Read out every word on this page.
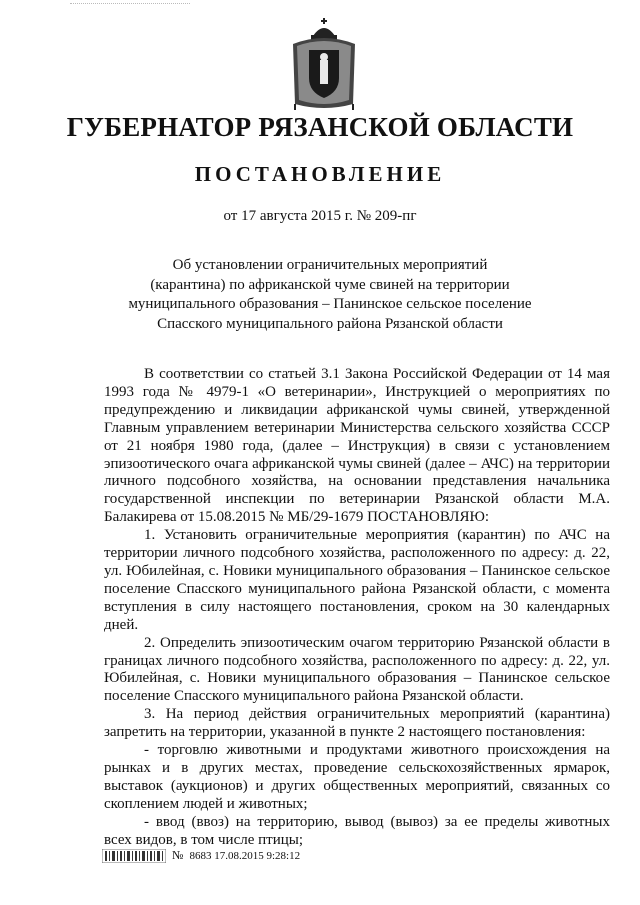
ГУБЕРНАТОР РЯЗАНСКОЙ ОБЛАСТИ
ПОСТАНОВЛЕНИЕ
от 17 августа 2015 г. № 209-пг
Об установлении ограничительных мероприятий
(карантина) по африканской чуме свиней на территории
муниципального образования – Панинское сельское поселение
Спасского муниципального района Рязанской области

В соответствии со статьей 3.1 Закона Российской Федерации от 14 мая 1993 года № 4979-1 «О ветеринарии», Инструкцией о мероприятиях по предупреждению и ликвидации африканской чумы свиней, утвержденной Главным управлением ветеринарии Министерства сельского хозяйства СССР от 21 ноября 1980 года, (далее – Инструкция) в связи с установлением эпизоотического очага африканской чумы свиней (далее – АЧС) на территории личного подсобного хозяйства, на основании представления начальника государственной инспекции по ветеринарии Рязанской области М.А. Балакирева от 15.08.2015 № МБ/29-1679 ПОСТАНОВЛЯЮ:

1. Установить ограничительные мероприятия (карантин) по АЧС на территории личного подсобного хозяйства, расположенного по адресу: д. 22, ул. Юбилейная, с. Новики муниципального образования – Панинское сельское поселение Спасского муниципального района Рязанской области, с момента вступления в силу настоящего постановления, сроком на 30 календарных дней.

2. Определить эпизоотическим очагом территорию Рязанской области в границах личного подсобного хозяйства, расположенного по адресу: д. 22, ул. Юбилейная, с. Новики муниципального образования – Панинское сельское поселение Спасского муниципального района Рязанской области.

3. На период действия ограничительных мероприятий (карантина) запретить на территории, указанной в пункте 2 настоящего постановления:

- торговлю животными и продуктами животного происхождения на рынках и в других местах, проведение сельскохозяйственных ярмарок, выставок (аукционов) и других общественных мероприятий, связанных со скоплением людей и животных;

- ввод (ввоз) на территорию, вывод (вывоз) за ее пределы животных всех видов, в том числе птицы;

№ 8683 17.08.2015 9:28:12
